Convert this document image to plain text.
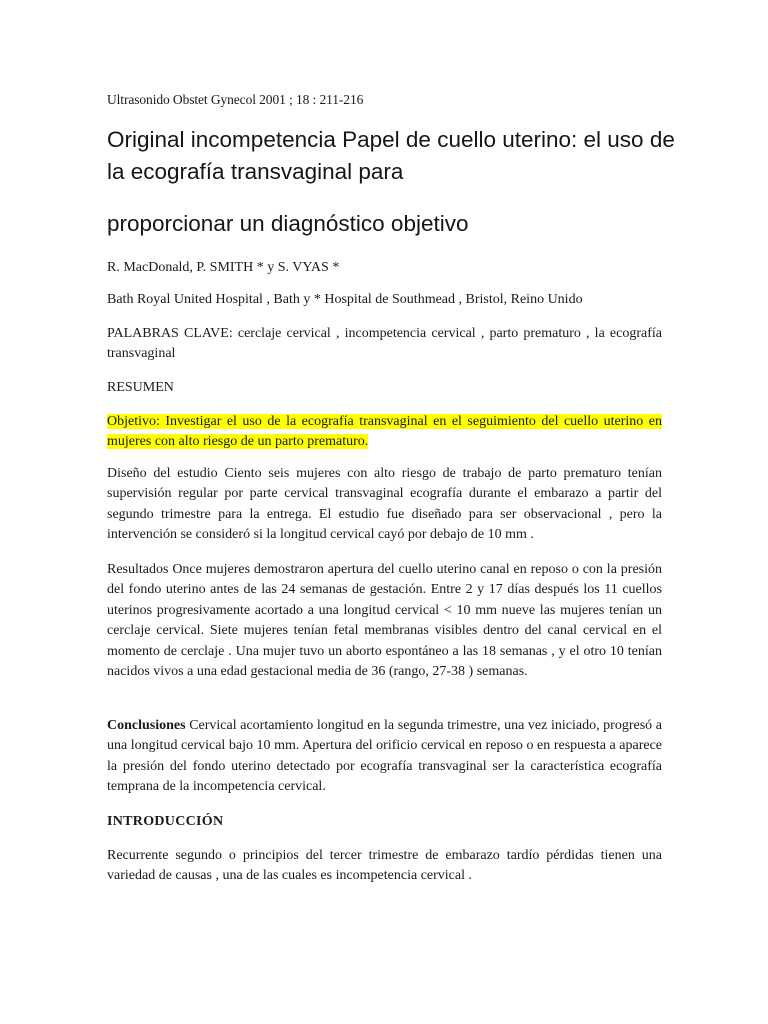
Ultrasonido Obstet Gynecol 2001 ; 18 : 211-216
Original incompetencia Papel de cuello uterino: el uso de la ecografía transvaginal para
proporcionar un diagnóstico objetivo

R. MacDonald, P. SMITH * y S. VYAS *

Bath Royal United Hospital , Bath y * Hospital de Southmead , Bristol, Reino Unido

PALABRAS CLAVE: cerclaje cervical , incompetencia cervical , parto prematuro , la ecografía transvaginal

RESUMEN

Objetivo: Investigar el uso de la ecografía transvaginal en el seguimiento del cuello uterino en mujeres con alto riesgo de un parto prematuro.

Diseño del estudio Ciento seis mujeres con alto riesgo de trabajo de parto prematuro tenían supervisión regular por parte cervical transvaginal ecografía durante el embarazo a partir del segundo trimestre para la entrega. El estudio fue diseñado para ser observacional , pero la intervención se consideró si la longitud cervical cayó por debajo de 10 mm .

Resultados Once mujeres demostraron apertura del cuello uterino canal en reposo o con la presión del fondo uterino antes de las 24 semanas de gestación. Entre 2 y 17 días después los 11 cuellos uterinos progresivamente acortado a una longitud cervical < 10 mm nueve las mujeres tenían un cerclaje cervical. Siete mujeres tenían fetal membranas visibles dentro del canal cervical en el momento de cerclaje . Una mujer tuvo un aborto espontáneo a las 18 semanas , y el otro 10 tenían nacidos vivos a una edad gestacional media de 36 (rango, 27-38 ) semanas.

Conclusiones Cervical acortamiento longitud en la segunda trimestre, una vez iniciado, progresó a una longitud cervical bajo 10 mm. Apertura del orificio cervical en reposo o en respuesta a aparece la presión del fondo uterino detectado por ecografía transvaginal ser la característica ecografía temprana de la incompetencia cervical.

INTRODUCCIÓN

Recurrente segundo o principios del tercer trimestre de embarazo tardío pérdidas tienen una variedad de causas , una de las cuales es incompetencia cervical .
